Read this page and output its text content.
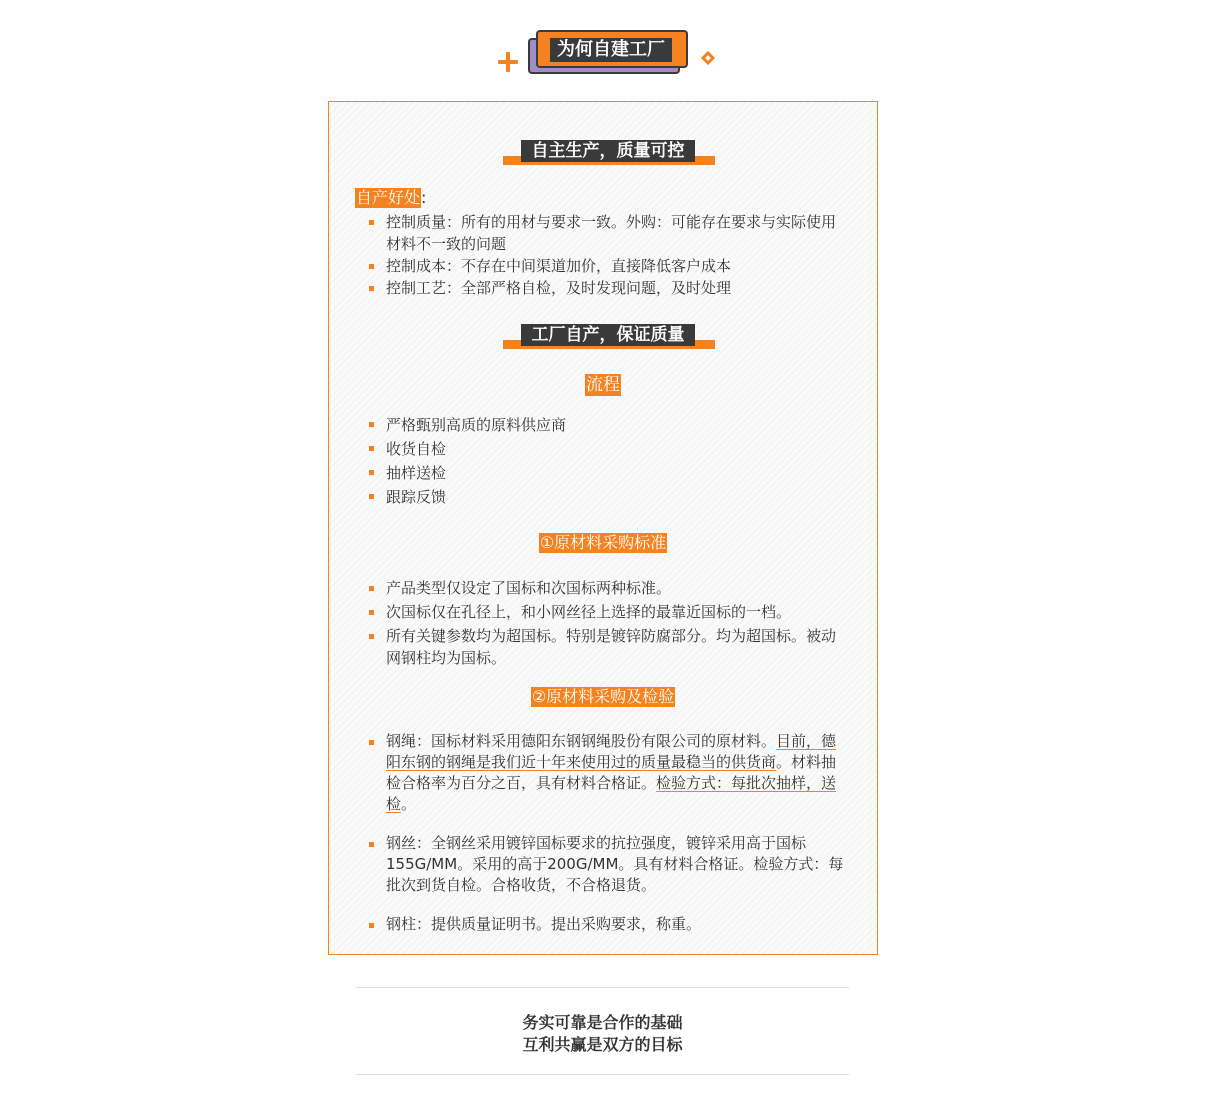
为何自建工厂
自主生产，质量可控
自产好处:
控制质量：所有的用材与要求一致。外购：可能存在要求与实际使用材料不一致的问题
控制成本：不存在中间渠道加价，直接降低客户成本
控制工艺：全部严格自检，及时发现问题，及时处理
工厂自产，保证质量
流程
严格甄别高质的原料供应商
收货自检
抽样送检
跟踪反馈
①原材料采购标准
产品类型仅设定了国标和次国标两种标准。
次国标仅在孔径上，和小网丝径上选择的最靠近国标的一档。
所有关键参数均为超国标。特别是镀锌防腐部分。均为超国标。被动网钢柱均为国标。
②原材料采购及检验
钢绳：国标材料采用德阳东钢钢绳股份有限公司的原材料。目前，德阳东钢的钢绳是我们近十年来使用过的质量最稳当的供货商。材料抽检合格率为百分之百，具有材料合格证。检验方式：每批次抽样，送检。
钢丝：全钢丝采用镀锌国标要求的抗拉强度，镀锌采用高于国标155G/MM。采用的高于200G/MM。具有材料合格证。检验方式：每批次到货自检。合格收货，不合格退货。
钢柱：提供质量证明书。提出采购要求，称重。
务实可靠是合作的基础
互利共赢是双方的目标
